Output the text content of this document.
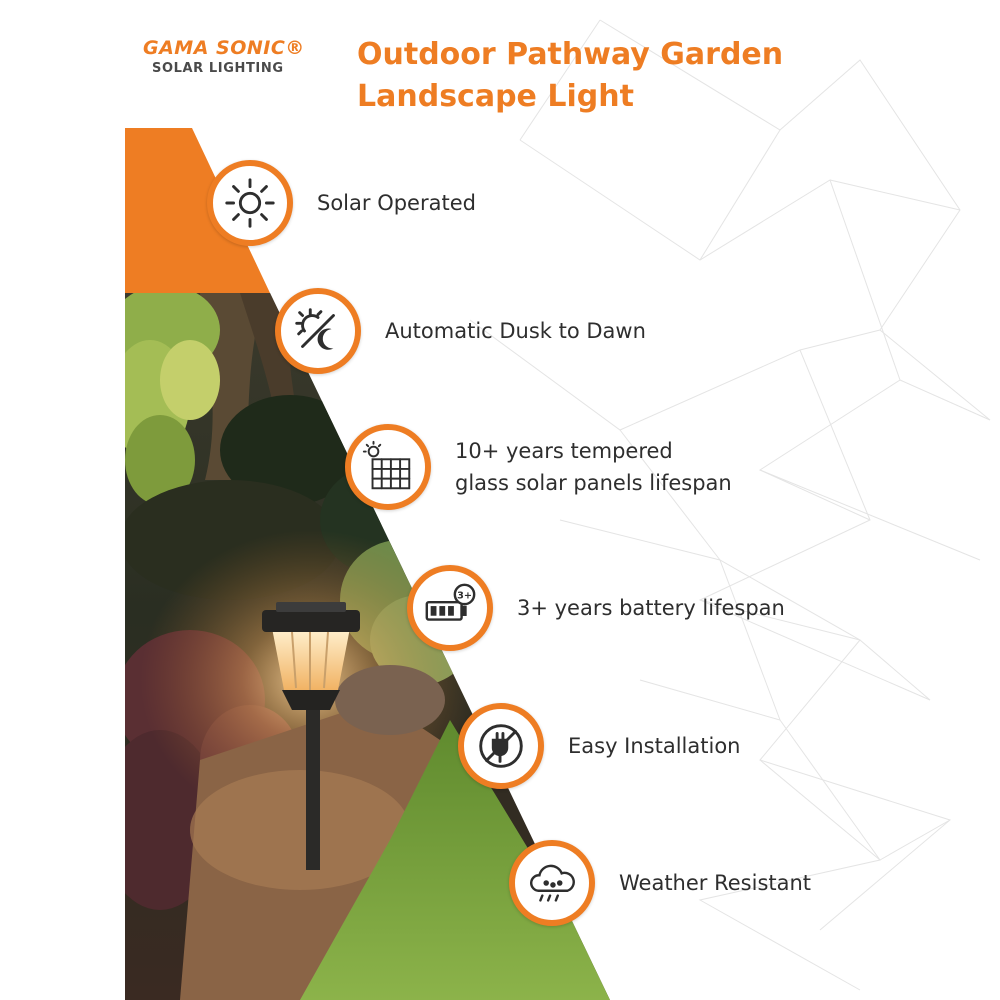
GAMA SONIC®
SOLAR LIGHTING	Outdoor Pathway Garden
Landscape Light
Solar Operated
Automatic Dusk to Dawn
10+ years tempered
glass solar panels lifespan
3+
3+ years battery lifespan
Easy Installation
Weather Resistant
